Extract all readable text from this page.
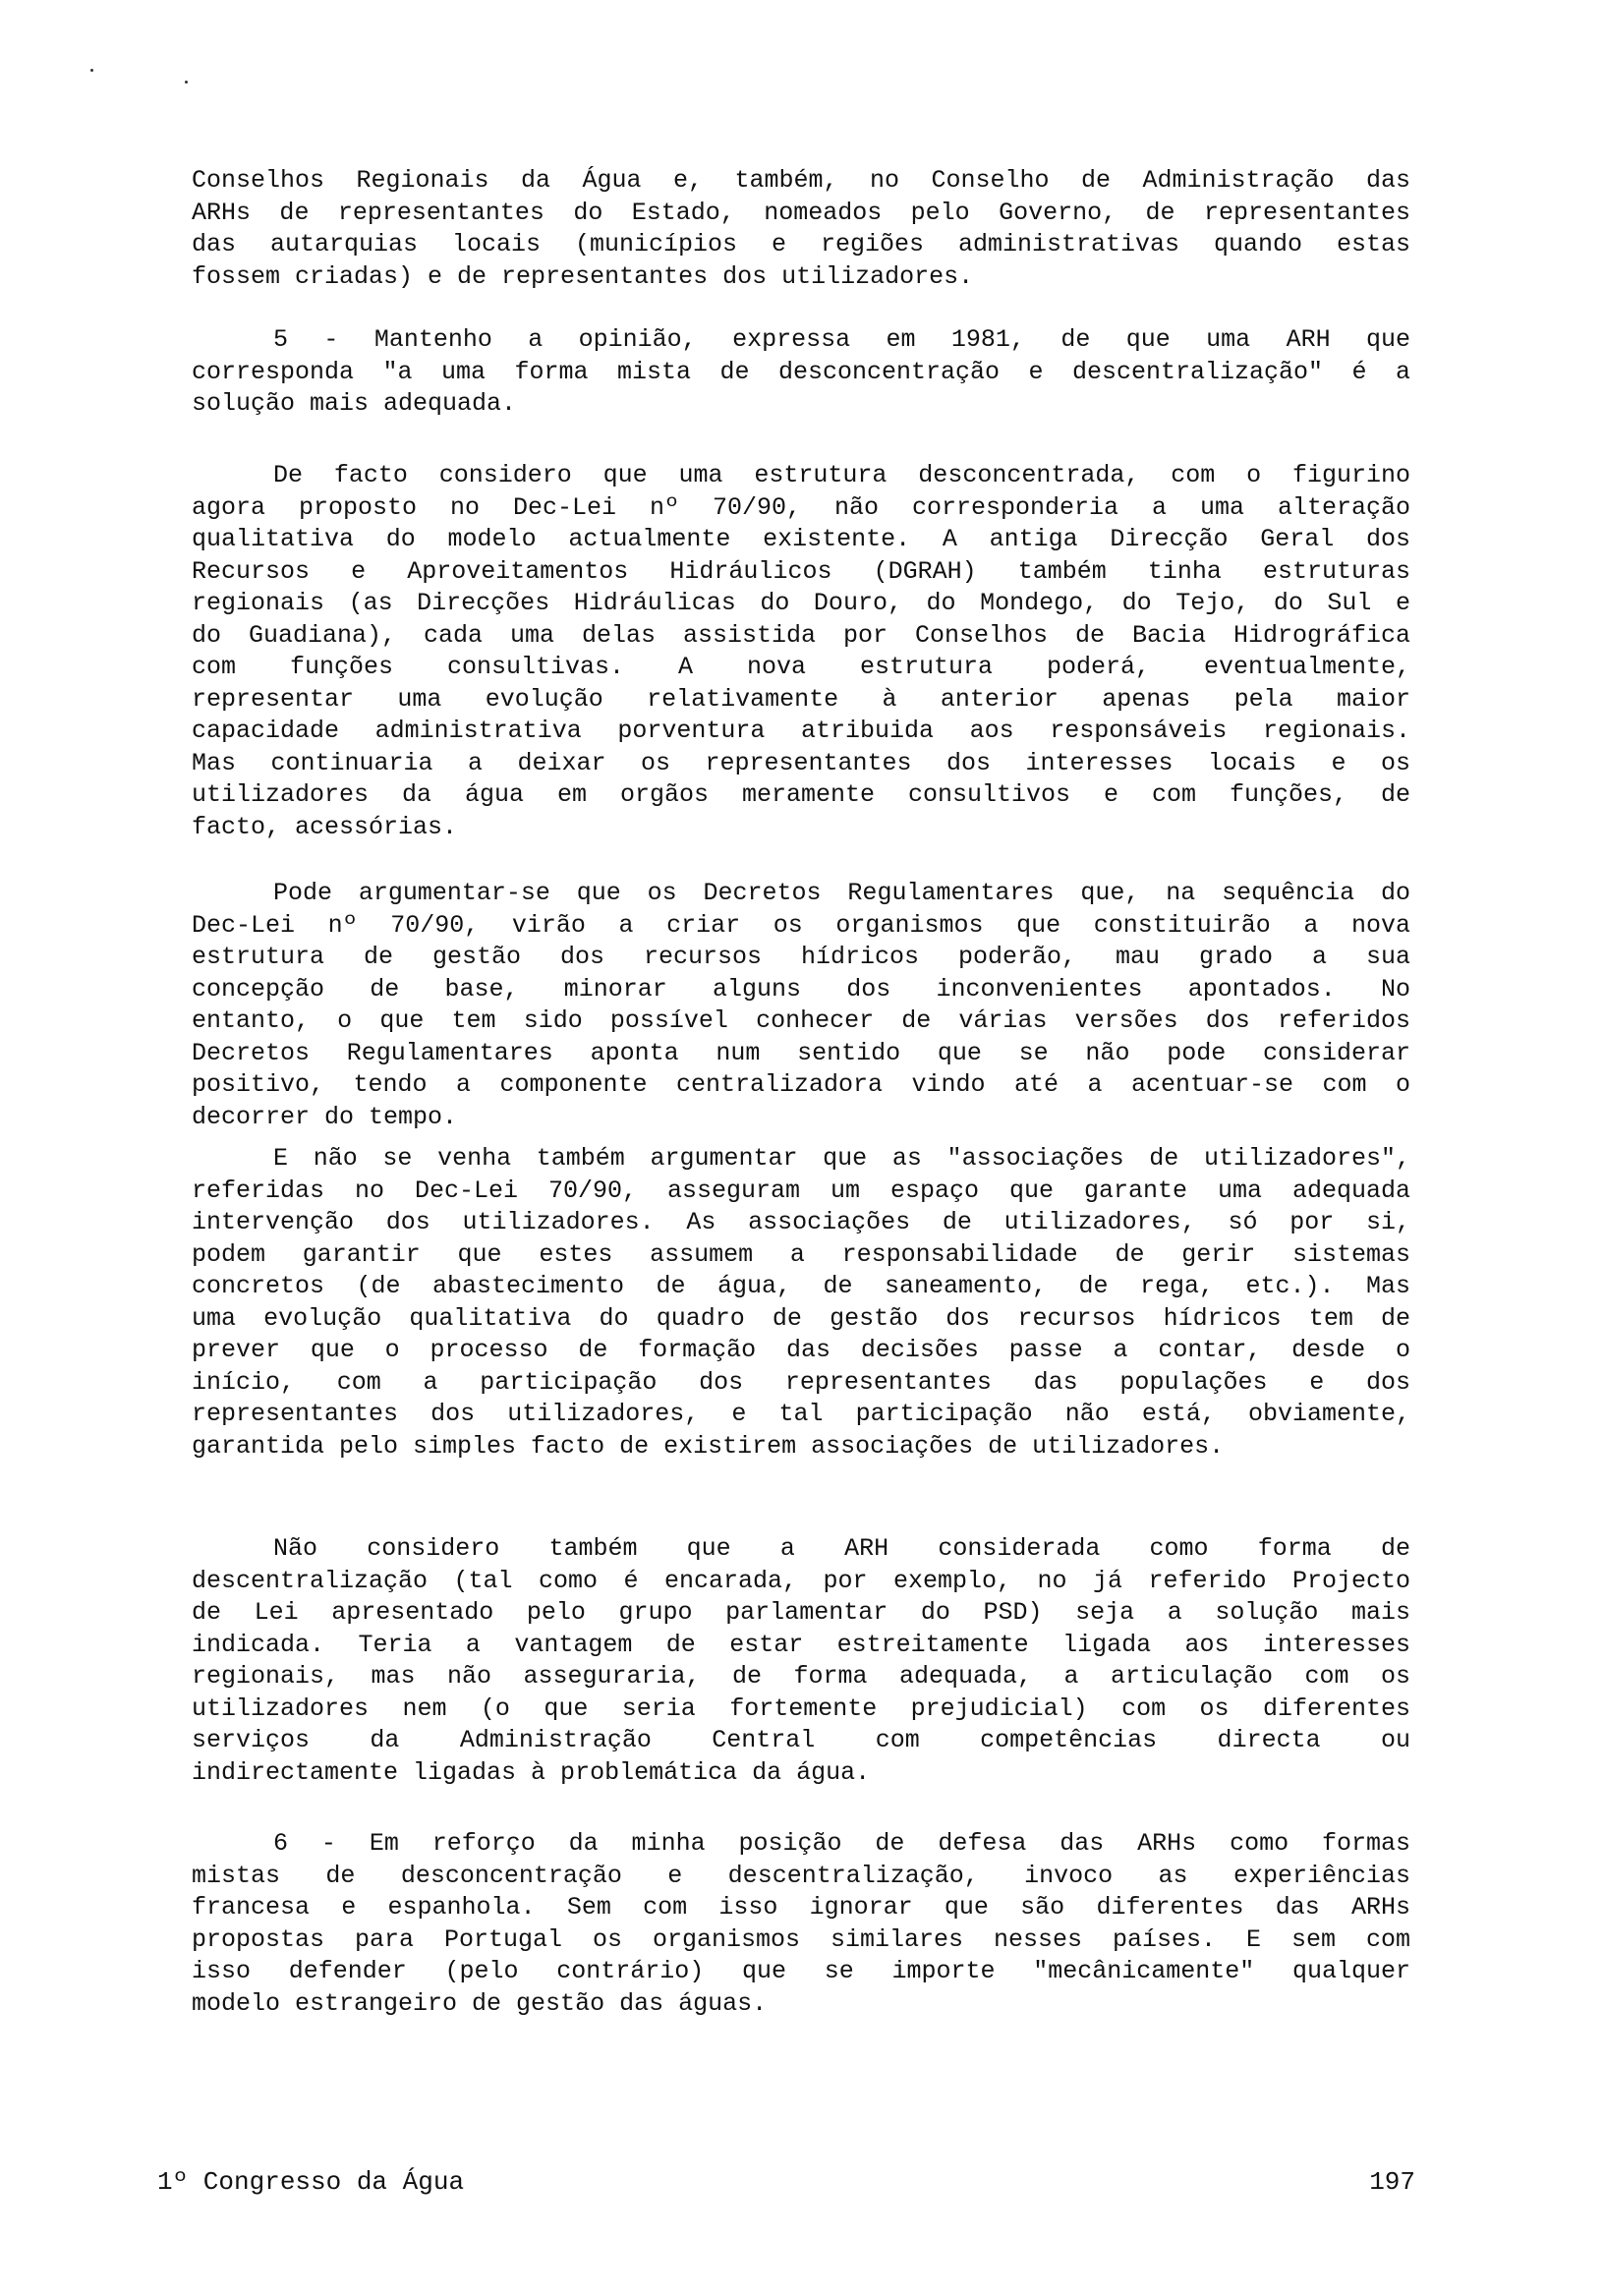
Conselhos Regionais da Água e, também, no Conselho de Administração das
ARHs de representantes do Estado, nomeados pelo Governo, de representantes
das autarquias locais (municípios e regiões administrativas quando estas
fossem criadas) e de representantes dos utilizadores.
5 - Mantenho a opinião, expressa em 1981, de que uma ARH que
corresponda "a uma forma mista de desconcentração e descentralização" é a
solução mais adequada.
De facto considero que uma estrutura desconcentrada, com o figurino
agora proposto no Dec-Lei nº 70/90, não corresponderia a uma alteração
qualitativa do modelo actualmente existente. A antiga Direcção Geral dos
Recursos e Aproveitamentos Hidráulicos (DGRAH) também tinha estruturas
regionais (as Direcções Hidráulicas do Douro, do Mondego, do Tejo, do Sul e
do Guadiana), cada uma delas assistida por Conselhos de Bacia Hidrográfica
com funções consultivas. A nova estrutura poderá, eventualmente,
representar uma evolução relativamente à anterior apenas pela maior
capacidade administrativa porventura atribuida aos responsáveis regionais.
Mas continuaria a deixar os representantes dos interesses locais e os
utilizadores da água em orgãos meramente consultivos e com funções, de
facto, acessórias.
Pode argumentar-se que os Decretos Regulamentares que, na sequência do
Dec-Lei nº 70/90, virão a criar os organismos que constituirão a nova
estrutura de gestão dos recursos hídricos poderão, mau grado a sua
concepção de base, minorar alguns dos inconvenientes apontados. No
entanto, o que tem sido possível conhecer de várias versões dos referidos
Decretos Regulamentares aponta num sentido que se não pode considerar
positivo, tendo a componente centralizadora vindo até a acentuar-se com o
decorrer do tempo.
E não se venha também argumentar que as "associações de utilizadores",
referidas no Dec-Lei 70/90, asseguram um espaço que garante uma adequada
intervenção dos utilizadores. As associações de utilizadores, só por si,
podem garantir que estes assumem a responsabilidade de gerir sistemas
concretos (de abastecimento de água, de saneamento, de rega, etc.). Mas
uma evolução qualitativa do quadro de gestão dos recursos hídricos tem de
prever que o processo de formação das decisões passe a contar, desde o
início, com a participação dos representantes das populações e dos
representantes dos utilizadores, e tal participação não está, obviamente,
garantida pelo simples facto de existirem associações de utilizadores.
Não considero também que a ARH considerada como forma de
descentralização (tal como é encarada, por exemplo, no já referido Projecto
de Lei apresentado pelo grupo parlamentar do PSD) seja a solução mais
indicada. Teria a vantagem de estar estreitamente ligada aos interesses
regionais, mas não asseguraria, de forma adequada, a articulação com os
utilizadores nem (o que seria fortemente prejudicial) com os diferentes
serviços da Administração Central com competências directa ou
indirectamente ligadas à problemática da água.
6 - Em reforço da minha posição de defesa das ARHs como formas
mistas de desconcentração e descentralização, invoco as experiências
francesa e espanhola. Sem com isso ignorar que são diferentes das ARHs
propostas para Portugal os organismos similares nesses países. E sem com
isso defender (pelo contrário) que se importe "mecânicamente" qualquer
modelo estrangeiro de gestão das águas.
1º Congresso da Água	197
